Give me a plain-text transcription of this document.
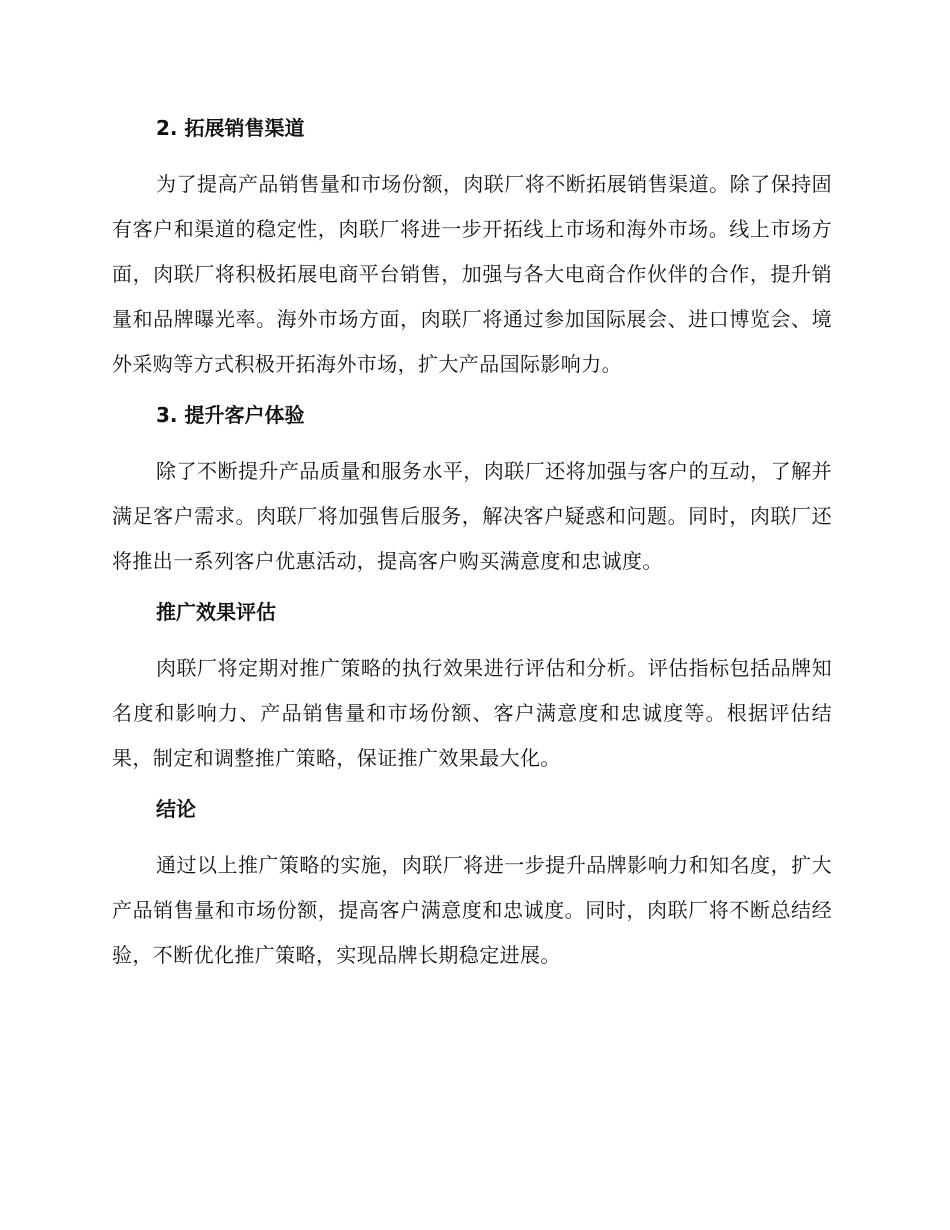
2. 拓展销售渠道

为了提高产品销售量和市场份额，肉联厂将不断拓展销售渠道。除了保持固有客户和渠道的稳定性，肉联厂将进一步开拓线上市场和海外市场。线上市场方面，肉联厂将积极拓展电商平台销售，加强与各大电商合作伙伴的合作，提升销量和品牌曝光率。海外市场方面，肉联厂将通过参加国际展会、进口博览会、境外采购等方式积极开拓海外市场，扩大产品国际影响力。

3. 提升客户体验

除了不断提升产品质量和服务水平，肉联厂还将加强与客户的互动，了解并满足客户需求。肉联厂将加强售后服务，解决客户疑惑和问题。同时，肉联厂还将推出一系列客户优惠活动，提高客户购买满意度和忠诚度。

推广效果评估

肉联厂将定期对推广策略的执行效果进行评估和分析。评估指标包括品牌知名度和影响力、产品销售量和市场份额、客户满意度和忠诚度等。根据评估结果，制定和调整推广策略，保证推广效果最大化。

结论

通过以上推广策略的实施，肉联厂将进一步提升品牌影响力和知名度，扩大产品销售量和市场份额，提高客户满意度和忠诚度。同时，肉联厂将不断总结经验，不断优化推广策略，实现品牌长期稳定进展。
